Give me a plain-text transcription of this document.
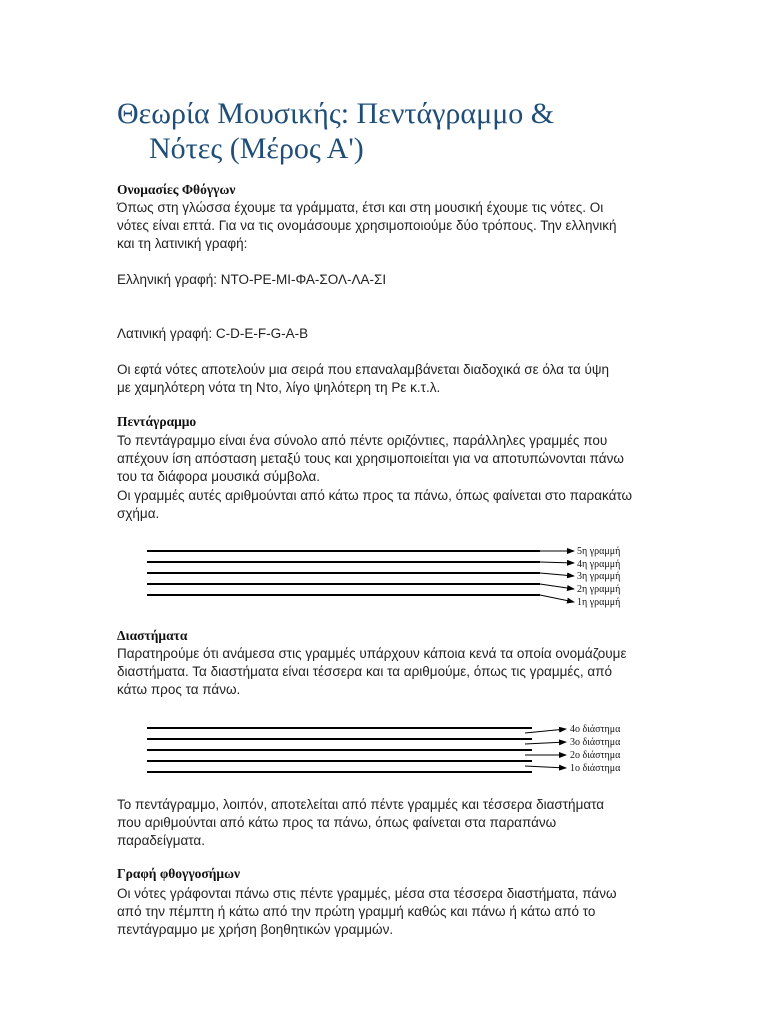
Θεωρία Μουσικής: Πεντάγραμμο &
Νότες (Μέρος Α')
Ονομασίες Φθόγγων
Όπως στη γλώσσα έχουμε τα γράμματα, έτσι και στη μουσική έχουμε τις νότες. Οι
νότες είναι επτά. Για να τις ονομάσουμε χρησιμοποιούμε δύο τρόπους. Την ελληνική
και τη λατινική γραφή:
Ελληνική γραφή: ΝΤΟ-ΡΕ-ΜΙ-ΦΑ-ΣΟΛ-ΛΑ-ΣΙ
Λατινική γραφή: C-D-E-F-G-A-B
Οι εφτά νότες αποτελούν μια σειρά που επαναλαμβάνεται διαδοχικά σε όλα τα ύψη
με χαμηλότερη νότα τη Ντο, λίγο ψηλότερη τη Ρε κ.τ.λ.
Πεντάγραμμο
Το πεντάγραμμο είναι ένα σύνολο από πέντε οριζόντιες, παράλληλες γραμμές που
απέχουν ίση απόσταση μεταξύ τους και χρησιμοποιείται για να αποτυπώνονται πάνω
του τα διάφορα μουσικά σύμβολα.
Οι γραμμές αυτές αριθμούνται από κάτω προς τα πάνω, όπως φαίνεται στο παρακάτω
σχήμα.
5η γραμμή
4η γραμμή
3η γραμμή
2η γραμμή
1η γραμμή
Διαστήματα
Παρατηρούμε ότι ανάμεσα στις γραμμές υπάρχουν κάποια κενά τα οποία ονομάζουμε
διαστήματα. Τα διαστήματα είναι τέσσερα και τα αριθμούμε, όπως τις γραμμές, από
κάτω προς τα πάνω.
4ο διάστημα
3ο διάστημα
2ο διάστημα
1ο διάστημα
Το πεντάγραμμο, λοιπόν, αποτελείται από πέντε γραμμές και τέσσερα διαστήματα
που αριθμούνται από κάτω προς τα πάνω, όπως φαίνεται στα παραπάνω
παραδείγματα.
Γραφή φθογγοσήμων
Οι νότες γράφονται πάνω στις πέντε γραμμές, μέσα στα τέσσερα διαστήματα, πάνω
από την πέμπτη ή κάτω από την πρώτη γραμμή καθώς και πάνω ή κάτω από το
πεντάγραμμο με χρήση βοηθητικών γραμμών.
